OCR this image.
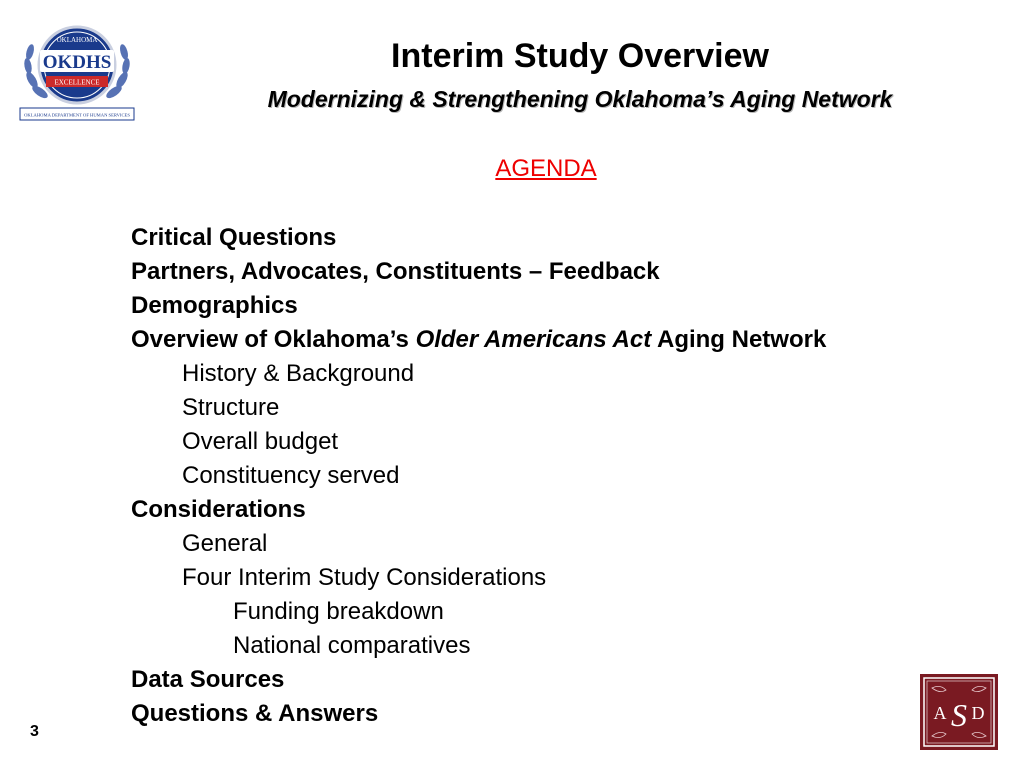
OKLAHOMA
OKDHS
EXCELLENCE
OKLAHOMA DEPARTMENT OF HUMAN SERVICES
Interim Study Overview
Modernizing & Strengthening Oklahoma’s Aging Network
AGENDA
Critical Questions
Partners, Advocates, Constituents – Feedback
Demographics
Overview of Oklahoma’s Older Americans Act Aging Network
History & Background
Structure
Overall budget
Constituency served
Considerations
General
Four Interim Study Considerations
Funding breakdown
National comparatives
Data Sources
Questions & Answers
3
A S D
